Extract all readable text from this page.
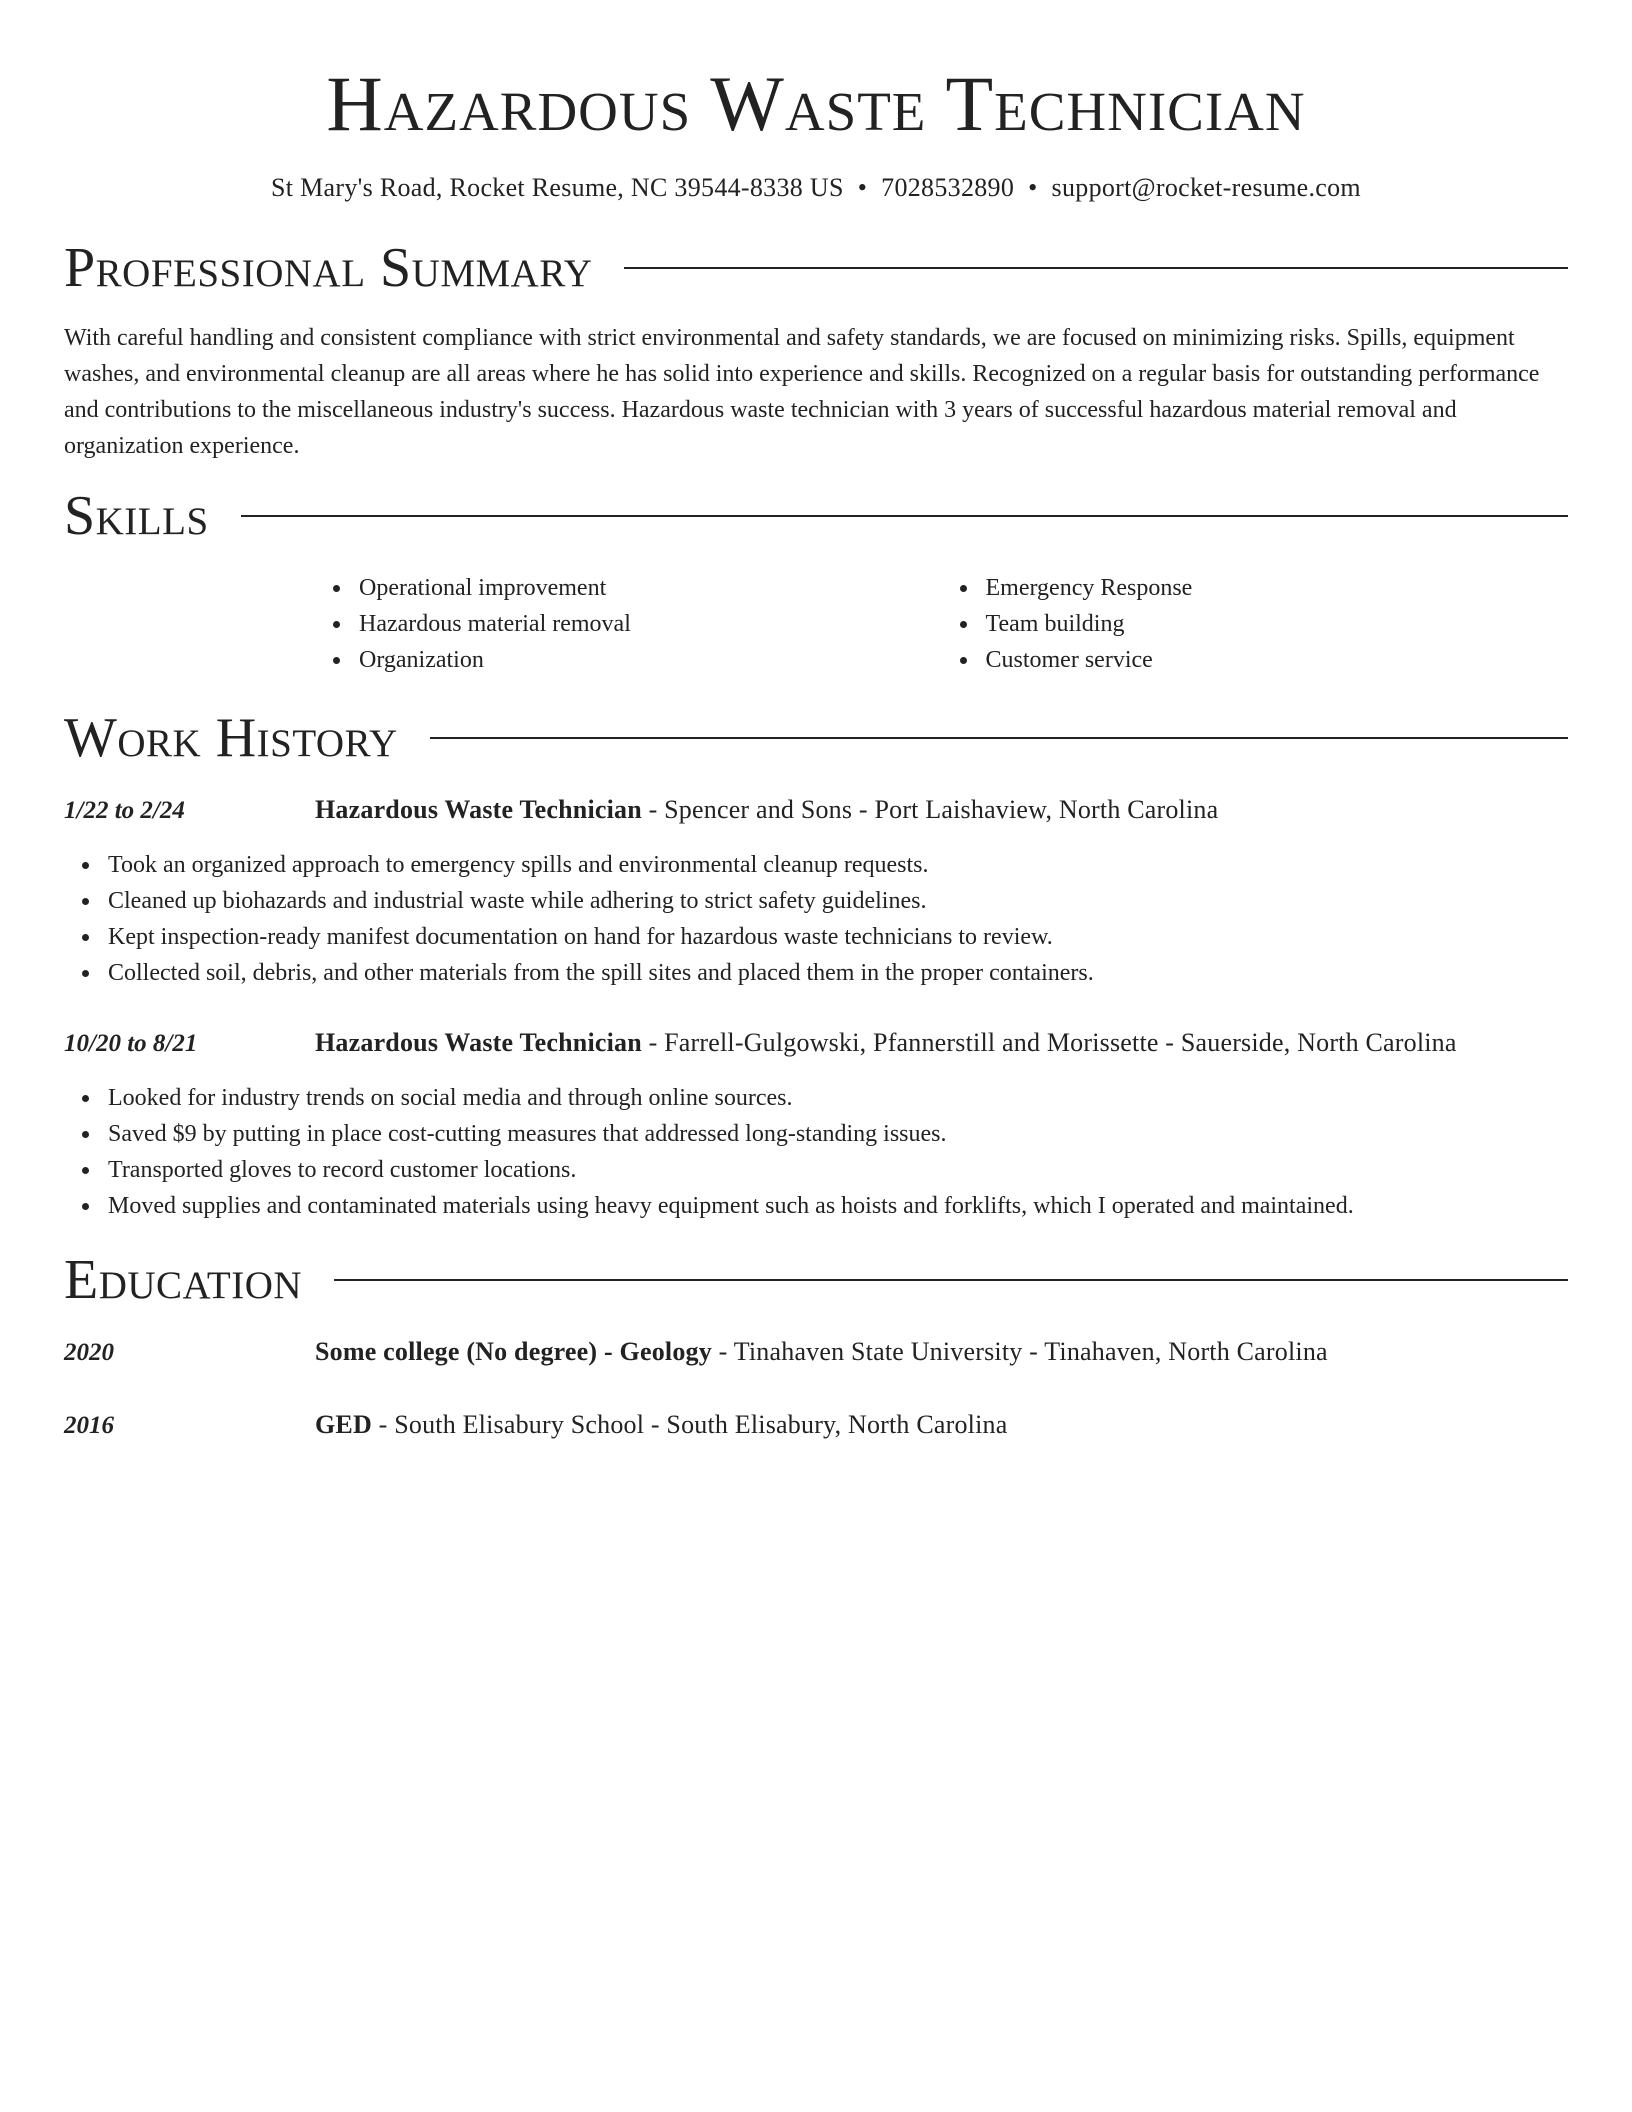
Hazardous Waste Technician
St Mary's Road, Rocket Resume, NC 39544-8338 US • 7028532890 • support@rocket-resume.com
Professional Summary

With careful handling and consistent compliance with strict environmental and safety standards, we are focused on minimizing risks. Spills, equipment washes, and environmental cleanup are all areas where he has solid into experience and skills. Recognized on a regular basis for outstanding performance and contributions to the miscellaneous industry's success. Hazardous waste technician with 3 years of successful hazardous material removal and organization experience.

Skills
Operational improvement
Hazardous material removal
Organization
Emergency Response
Team building
Customer service
Work History
1/22 to 2/24	Hazardous Waste Technician - Spencer and Sons - Port Laishaview, North Carolina
Took an organized approach to emergency spills and environmental cleanup requests.
Cleaned up biohazards and industrial waste while adhering to strict safety guidelines.
Kept inspection-ready manifest documentation on hand for hazardous waste technicians to review.
Collected soil, debris, and other materials from the spill sites and placed them in the proper containers.
10/20 to 8/21	Hazardous Waste Technician - Farrell-Gulgowski, Pfannerstill and Morissette - Sauerside, North Carolina
Looked for industry trends on social media and through online sources.
Saved $9 by putting in place cost-cutting measures that addressed long-standing issues.
Transported gloves to record customer locations.
Moved supplies and contaminated materials using heavy equipment such as hoists and forklifts, which I operated and maintained.
Education
2020	Some college (No degree) - Geology - Tinahaven State University - Tinahaven, North Carolina
2016	GED - South Elisabury School - South Elisabury, North Carolina
